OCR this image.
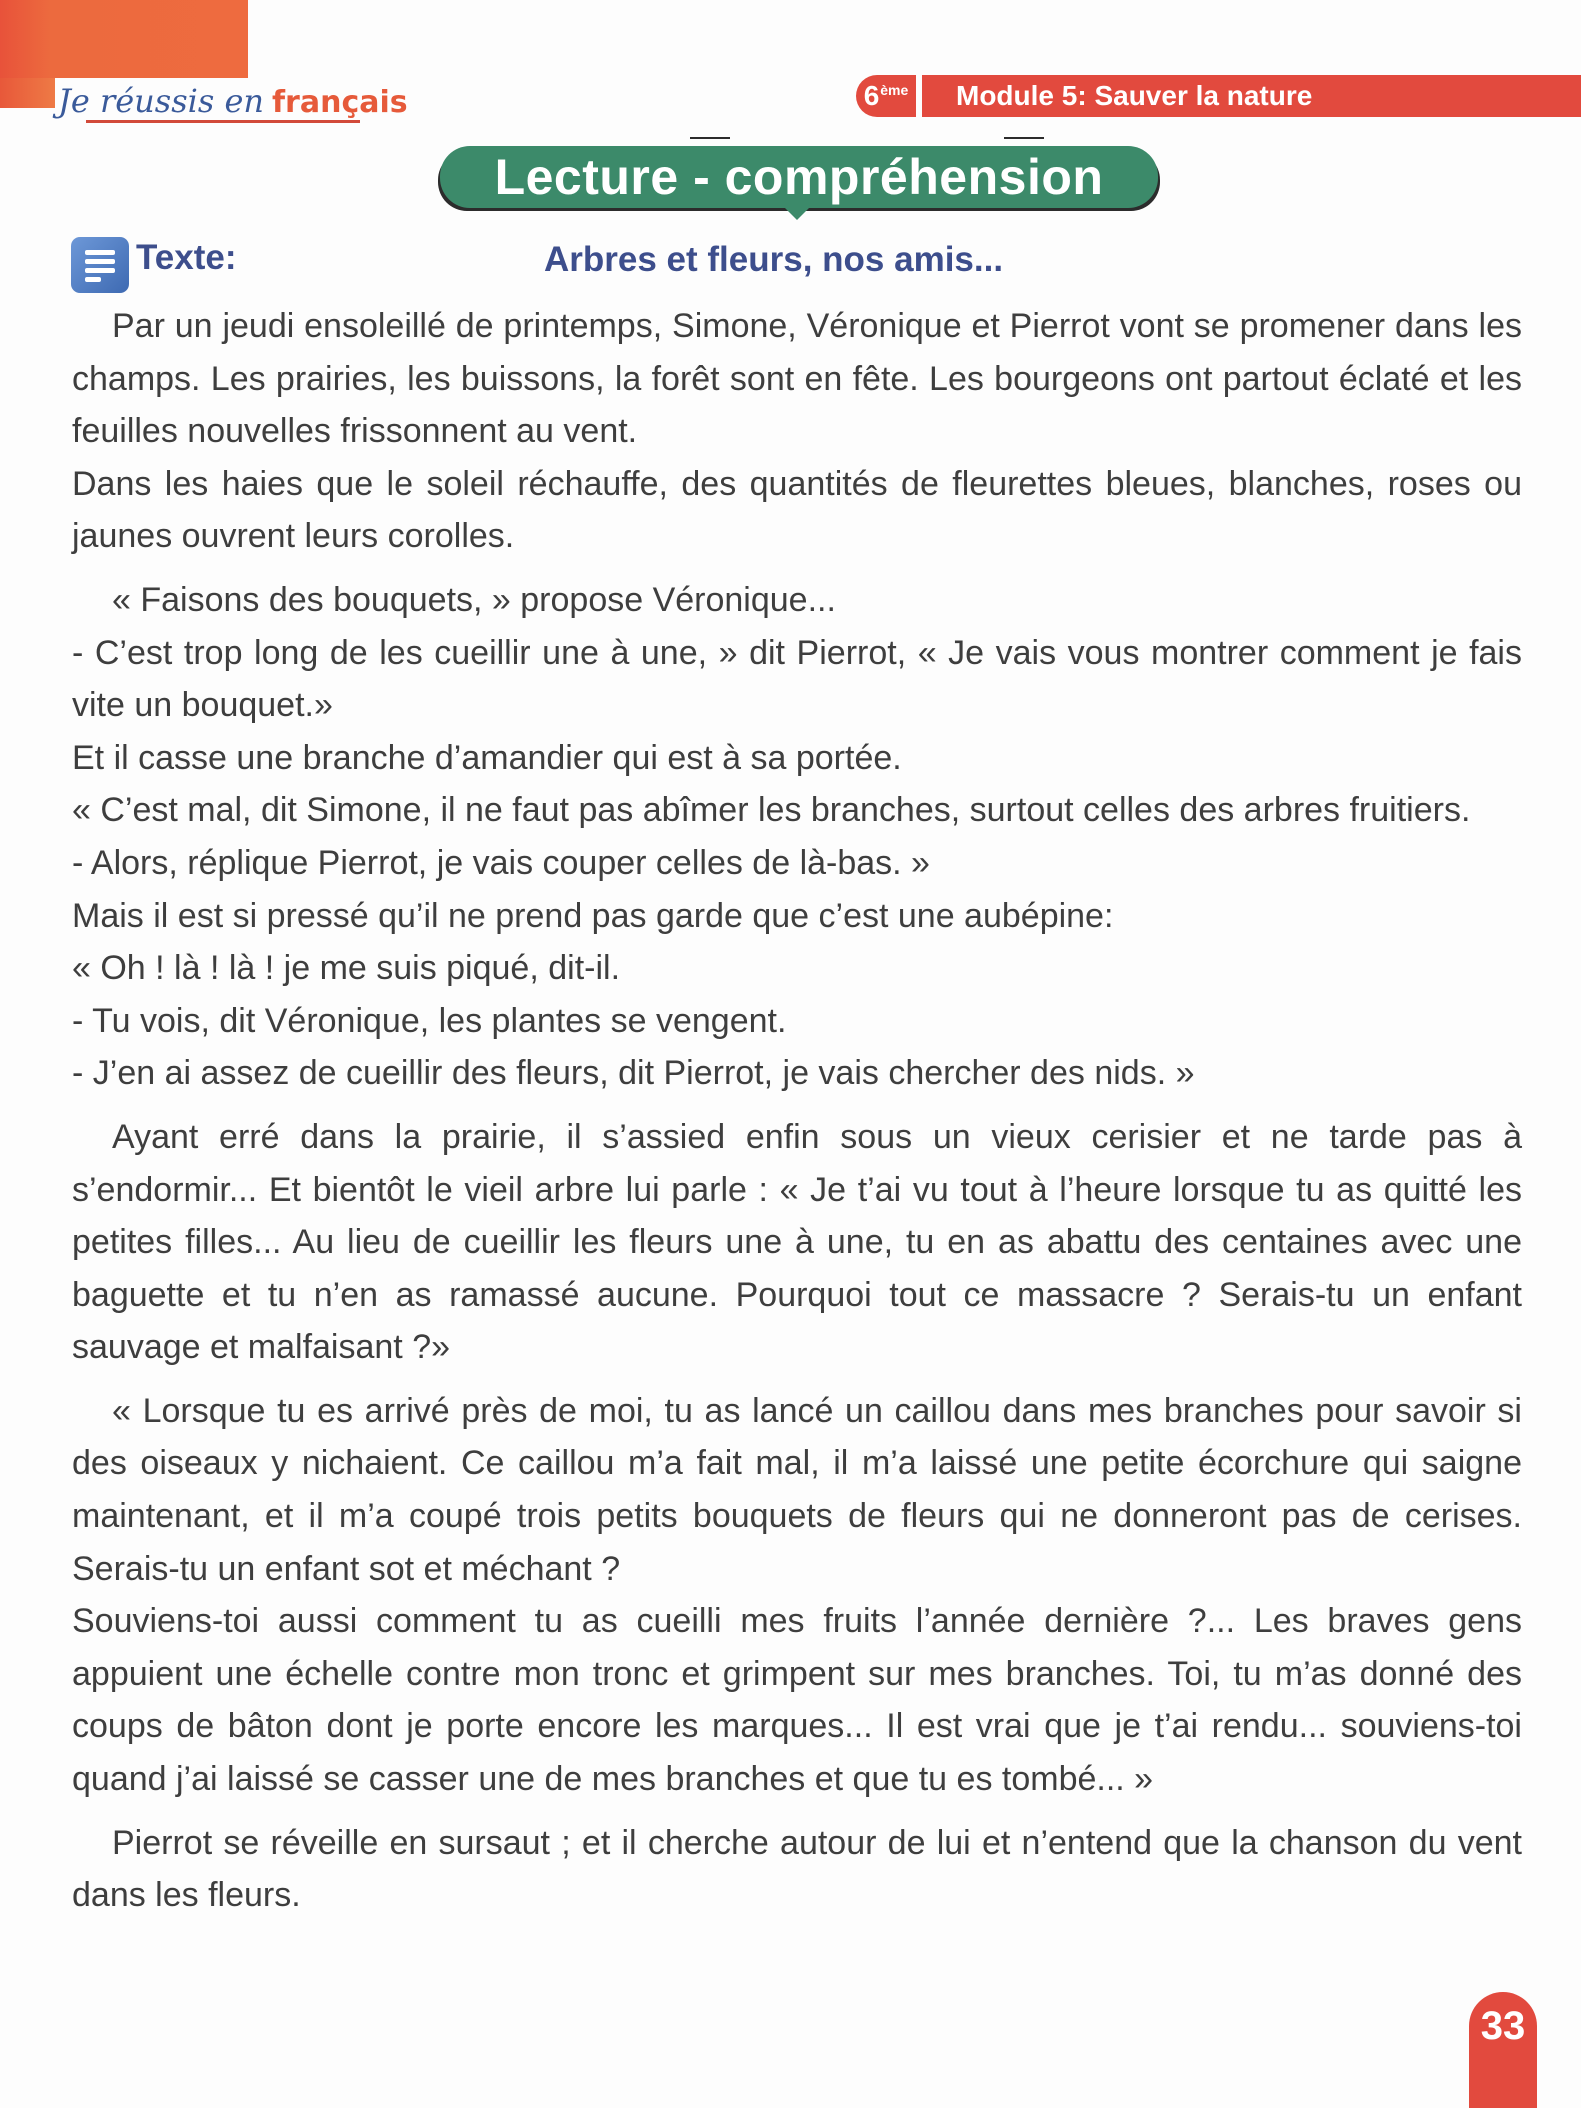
Je réussis en français	6ème Module 5: Sauver la nature
Lecture - compréhension
Texte:	Arbres et fleurs, nos amis...

Par un jeudi ensoleillé de printemps, Simone, Véronique et Pierrot vont se promener dans les champs. Les prairies, les buissons, la forêt sont en fête. Les bourgeons ont partout éclaté et les feuilles nouvelles frissonnent au vent.

Dans les haies que le soleil réchauffe, des quantités de fleurettes bleues, blanches, roses ou jaunes ouvrent leurs corolles.

« Faisons des bouquets, » propose Véronique...

- C’est trop long de les cueillir une à une, » dit Pierrot, « Je vais vous montrer comment je fais vite un bouquet.»

Et il casse une branche d’amandier qui est à sa portée.

« C’est mal, dit Simone, il ne faut pas abîmer les branches, surtout celles des arbres fruitiers.

- Alors, réplique Pierrot, je vais couper celles de là-bas. »

Mais il est si pressé qu’il ne prend pas garde que c’est une aubépine:

« Oh ! là ! là ! je me suis piqué, dit-il.

- Tu vois, dit Véronique, les plantes se vengent.

- J’en ai assez de cueillir des fleurs, dit Pierrot, je vais chercher des nids. »

Ayant erré dans la prairie, il s’assied enfin sous un vieux cerisier et ne tarde pas à s’endormir... Et bientôt le vieil arbre lui parle : « Je t’ai vu tout à l’heure lorsque tu as quitté les petites filles... Au lieu de cueillir les fleurs une à une, tu en as abattu des centaines avec une baguette et tu n’en as ramassé aucune. Pourquoi tout ce massacre ? Serais-tu un enfant sauvage et malfaisant ?»

« Lorsque tu es arrivé près de moi, tu as lancé un caillou dans mes branches pour savoir si des oiseaux y nichaient. Ce caillou m’a fait mal, il m’a laissé une petite écorchure qui saigne maintenant, et il m’a coupé trois petits bouquets de fleurs qui ne donneront pas de cerises. Serais-tu un enfant sot et méchant ?

Souviens-toi aussi comment tu as cueilli mes fruits l’année dernière ?... Les braves gens appuient une échelle contre mon tronc et grimpent sur mes branches. Toi, tu m’as donné des coups de bâton dont je porte encore les marques... Il est vrai que je t’ai rendu... souviens-toi quand j’ai laissé se casser une de mes branches et que tu es tombé... »

Pierrot se réveille en sursaut ; et il cherche autour de lui et n’entend que la chanson du vent dans les fleurs.

33
